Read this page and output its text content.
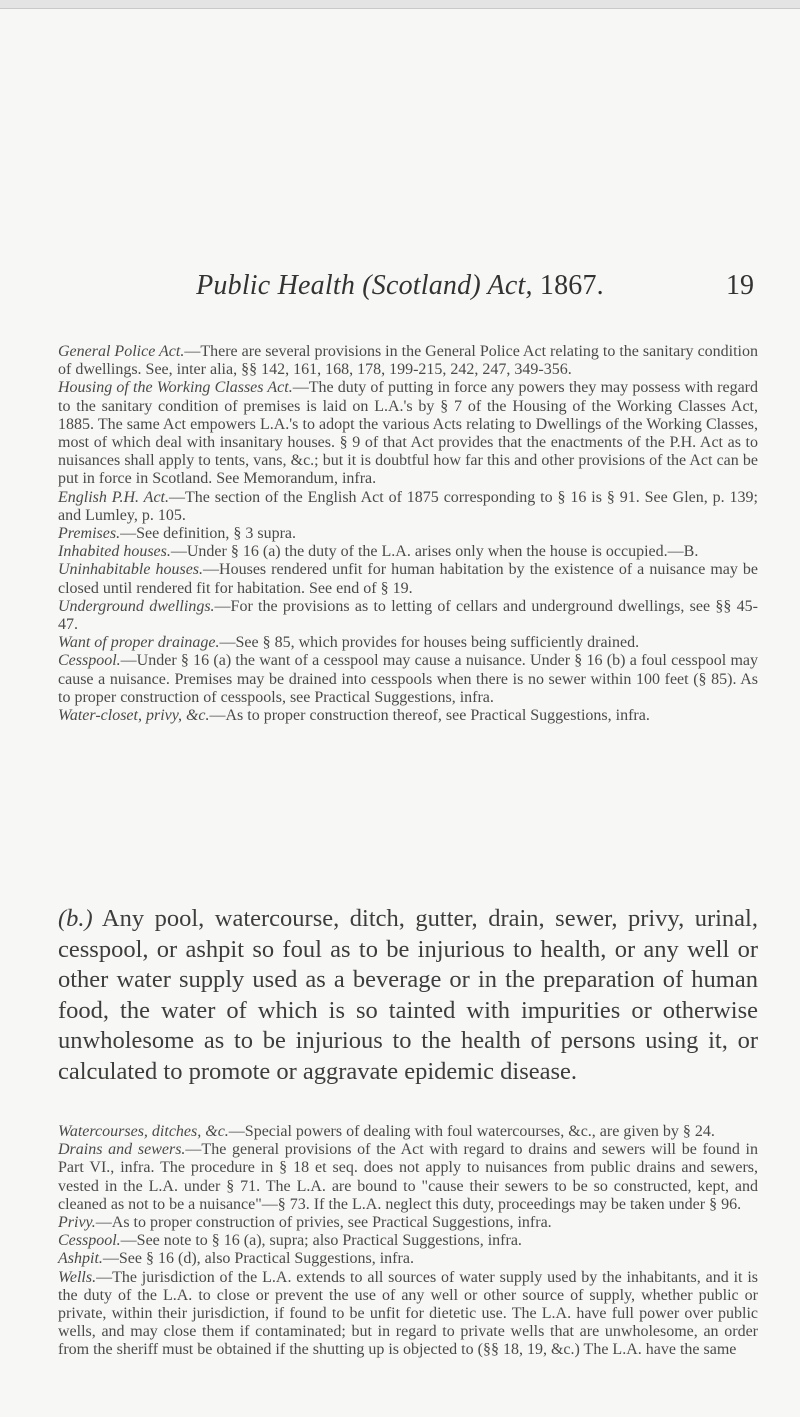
Public Health (Scotland) Act, 1867.	19

General Police Act.—There are several provisions in the General Police Act relating to the sanitary condition of dwellings. See, inter alia, §§ 142, 161, 168, 178, 199-215, 242, 247, 349-356.

Housing of the Working Classes Act.—The duty of putting in force any powers they may possess with regard to the sanitary condition of premises is laid on L.A.'s by § 7 of the Housing of the Working Classes Act, 1885. The same Act empowers L.A.'s to adopt the various Acts relating to Dwellings of the Working Classes, most of which deal with insanitary houses. § 9 of that Act provides that the enactments of the P.H. Act as to nuisances shall apply to tents, vans, &c.; but it is doubtful how far this and other provisions of the Act can be put in force in Scotland. See Memorandum, infra.

English P.H. Act.—The section of the English Act of 1875 corresponding to § 16 is § 91. See Glen, p. 139; and Lumley, p. 105.

Premises.—See definition, § 3 supra.

Inhabited houses.—Under § 16 (a) the duty of the L.A. arises only when the house is occupied.—B.

Uninhabitable houses.—Houses rendered unfit for human habitation by the existence of a nuisance may be closed until rendered fit for habitation. See end of § 19.

Underground dwellings.—For the provisions as to letting of cellars and underground dwellings, see §§ 45-47.

Want of proper drainage.—See § 85, which provides for houses being sufficiently drained.

Cesspool.—Under § 16 (a) the want of a cesspool may cause a nuisance. Under § 16 (b) a foul cesspool may cause a nuisance. Premises may be drained into cesspools when there is no sewer within 100 feet (§ 85). As to proper construction of cesspools, see Practical Suggestions, infra.

Water-closet, privy, &c.—As to proper construction thereof, see Practical Suggestions, infra.

(b.) Any pool, watercourse, ditch, gutter, drain, sewer, privy, urinal, cesspool, or ashpit so foul as to be injurious to health, or any well or other water supply used as a beverage or in the preparation of human food, the water of which is so tainted with impurities or otherwise unwholesome as to be injurious to the health of persons using it, or calculated to promote or aggravate epidemic disease.

Watercourses, ditches, &c.—Special powers of dealing with foul watercourses, &c., are given by § 24.

Drains and sewers.—The general provisions of the Act with regard to drains and sewers will be found in Part VI., infra. The procedure in § 18 et seq. does not apply to nuisances from public drains and sewers, vested in the L.A. under § 71. The L.A. are bound to "cause their sewers to be so constructed, kept, and cleaned as not to be a nuisance"—§ 73. If the L.A. neglect this duty, proceedings may be taken under § 96.

Privy.—As to proper construction of privies, see Practical Suggestions, infra.

Cesspool.—See note to § 16 (a), supra; also Practical Suggestions, infra.

Ashpit.—See § 16 (d), also Practical Suggestions, infra.

Wells.—The jurisdiction of the L.A. extends to all sources of water supply used by the inhabitants, and it is the duty of the L.A. to close or prevent the use of any well or other source of supply, whether public or private, within their jurisdiction, if found to be unfit for dietetic use. The L.A. have full power over public wells, and may close them if contaminated; but in regard to private wells that are unwholesome, an order from the sheriff must be obtained if the shutting up is objected to (§§ 18, 19, &c.) The L.A. have the same
